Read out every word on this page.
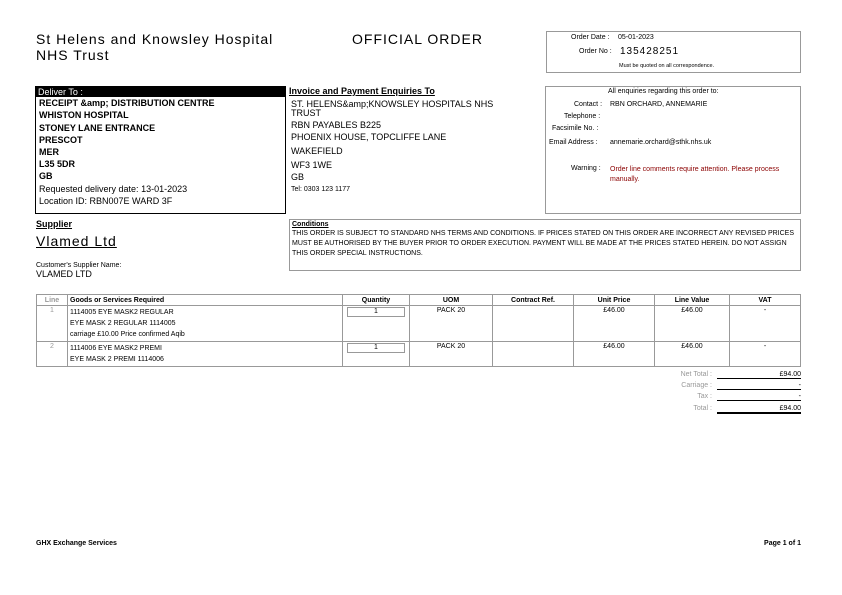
St Helens and Knowsley Hospital
NHS Trust
OFFICIAL ORDER	Order Date : 05-01-2023
Order No : 135428251
Must be quoted on all correspondence.
Deliver To :
RECEIPT &amp; DISTRIBUTION CENTRE
WHISTON HOSPITAL
STONEY LANE ENTRANCE
PRESCOT
MER
L35 5DR
GB
Requested delivery date: 13-01-2023
Location ID: RBN007E WARD 3F
Invoice and Payment Enquiries To
ST. HELENS&amp;KNOWSLEY HOSPITALS NHS
TRUST
RBN PAYABLES B225
PHOENIX HOUSE, TOPCLIFFE LANE
WAKEFIELD
WF3 1WE
GB
Tel: 0303 123 1177
All enquiries regarding this order to:
Contact : RBN ORCHARD, ANNEMARIE
Telephone :
Facsimile No. :
Email Address : annemarie.orchard@sthk.nhs.uk
Warning : Order line comments require attention. Please process manually.
Supplier
Vlamed Ltd
Customer's Supplier Name:
VLAMED LTD
Conditions
THIS ORDER IS SUBJECT TO STANDARD NHS TERMS AND CONDITIONS. IF PRICES STATED ON THIS ORDER ARE INCORRECT ANY REVISED PRICES MUST BE AUTHORISED BY THE BUYER PRIOR TO ORDER EXECUTION. PAYMENT WILL BE MADE AT THE PRICES STATED HEREIN. DO NOT ASSIGN THIS ORDER SPECIAL INSTRUCTIONS.
Line	Goods or Services Required	Quantity	UOM	Contract Ref.	Unit Price	Line Value	VAT
1	1114005 EYE MASK2 REGULAR
EYE MASK 2 REGULAR 1114005
carriage £10.00 Price confirmed Aqib	1	PACK 20		£46.00	£46.00	-
2	1114006 EYE MASK2 PREMI
EYE MASK 2 PREMI 1114006	1	PACK 20		£46.00	£46.00	-
Net Total :	£94.00
Carriage :	-
Tax :	-
Total :	£94.00
GHX Exchange Services	Page 1 of 1
